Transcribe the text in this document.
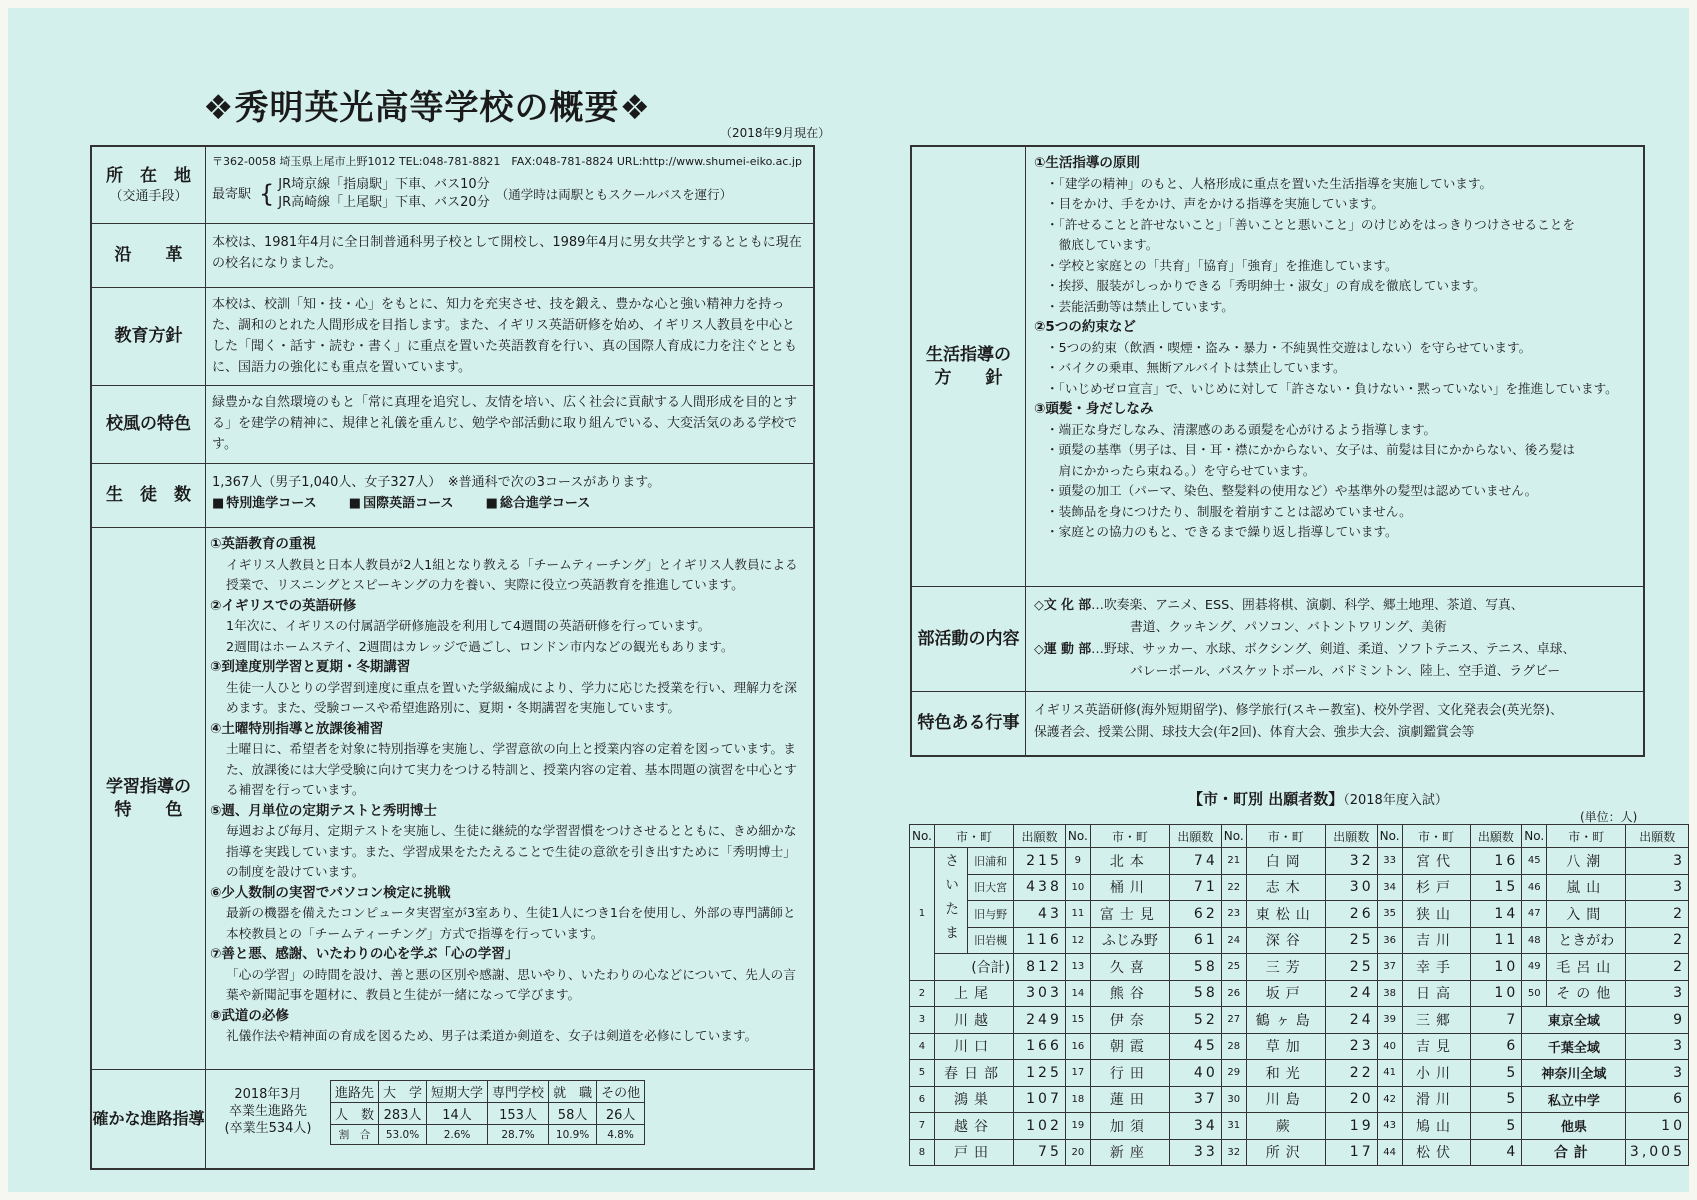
❖秀明英光高等学校の概要❖
（2018年9月現在）
所　在　地
（交通手段）
〒362-0058 埼玉県上尾市上野1012 TEL:048-781-8821　FAX:048-781-8824 URL:http://www.shumei-eiko.ac.jp
最寄駅 { JR埼京線「指扇駅」下車、バス10分
JR高崎線「上尾駅」下車、バス20分
（通学時は両駅ともスクールバスを運行）
沿　　革
本校は、1981年4月に全日制普通科男子校として開校し、1989年4月に男女共学とするとともに現在の校名になりました。
教育方針
本校は、校訓「知・技・心」をもとに、知力を充実させ、技を鍛え、豊かな心と強い精神力を持った、調和のとれた人間形成を目指します。また、イギリス英語研修を始め、イギリス人教員を中心とした「聞く・話す・読む・書く」に重点を置いた英語教育を行い、真の国際人育成に力を注ぐとともに、国語力の強化にも重点を置いています。
校風の特色
緑豊かな自然環境のもと「常に真理を追究し、友情を培い、広く社会に貢献する人間形成を目的とする」を建学の精神に、規律と礼儀を重んじ、勉学や部活動に取り組んでいる、大変活気のある学校です。
生　徒　数
1,367人（男子1,040人、女子327人）　 ※普通科で次の3コースがあります。
■ 特別進学コース	■ 国際英語コース	■ 総合進学コース
学習指導の
特　　色
①英語教育の重視
イギリス人教員と日本人教員が2人1組となり教える「チームティーチング」とイギリス人教員による授業で、リスニングとスピーキングの力を養い、実際に役立つ英語教育を推進しています。
②イギリスでの英語研修
1年次に、イギリスの付属語学研修施設を利用して4週間の英語研修を行っています。
2週間はホームステイ、2週間はカレッジで過ごし、ロンドン市内などの観光もあります。
③到達度別学習と夏期・冬期講習
生徒一人ひとりの学習到達度に重点を置いた学級編成により、学力に応じた授業を行い、理解力を深めます。また、受験コースや希望進路別に、夏期・冬期講習を実施しています。
④土曜特別指導と放課後補習
土曜日に、希望者を対象に特別指導を実施し、学習意欲の向上と授業内容の定着を図っています。また、放課後には大学受験に向けて実力をつける特訓と、授業内容の定着、基本問題の演習を中心とする補習を行っています。
⑤週、月単位の定期テストと秀明博士
毎週および毎月、定期テストを実施し、生徒に継続的な学習習慣をつけさせるとともに、きめ細かな指導を実践しています。また、学習成果をたたえることで生徒の意欲を引き出すために「秀明博士」の制度を設けています。
⑥少人数制の実習でパソコン検定に挑戦
最新の機器を備えたコンピュータ実習室が3室あり、生徒1人につき1台を使用し、外部の専門講師と本校教員との「チームティーチング」方式で指導を行っています。
⑦善と悪、感謝、いたわりの心を学ぶ「心の学習」
「心の学習」の時間を設け、善と悪の区別や感謝、思いやり、いたわりの心などについて、先人の言葉や新聞記事を題材に、教員と生徒が一緒になって学びます。
⑧武道の必修
礼儀作法や精神面の育成を図るため、男子は柔道か剣道を、女子は剣道を必修にしています。
確かな進路指導
2018年3月
卒業生進路先
(卒業生534人)
進路先	大　学	短期大学	専門学校	就　職	その他
人　数	283人	14人	153人	58人	26人
割　合	53.0%	2.6%	28.7%	10.9%	4.8%
生活指導の
方　　針
①生活指導の原則
・「建学の精神」のもと、人格形成に重点を置いた生活指導を実施しています。
・目をかけ、手をかけ、声をかける指導を実施しています。
・「許せることと許せないこと」「善いことと悪いこと」のけじめをはっきりつけさせることを
　徹底しています。
・学校と家庭との「共育」「協育」「強育」を推進しています。
・挨拶、服装がしっかりできる「秀明紳士・淑女」の育成を徹底しています。
・芸能活動等は禁止しています。
②5つの約束など
・5つの約束（飲酒・喫煙・盗み・暴力・不純異性交遊はしない）を守らせています。
・バイクの乗車、無断アルバイトは禁止しています。
・「いじめゼロ宣言」で、いじめに対して「許さない・負けない・黙っていない」を推進しています。
③頭髪・身だしなみ
・端正な身だしなみ、清潔感のある頭髪を心がけるよう指導します。
・頭髪の基準（男子は、目・耳・襟にかからない、女子は、前髪は目にかからない、後ろ髪は
　肩にかかったら束ねる。）を守らせています。
・頭髪の加工（パーマ、染色、整髪料の使用など）や基準外の髪型は認めていません。
・装飾品を身につけたり、制服を着崩すことは認めていません。
・家庭との協力のもと、できるまで繰り返し指導しています。
部活動の内容
◇文 化 部…吹奏楽、アニメ、ESS、囲碁将棋、演劇、科学、郷土地理、茶道、写真、
書道、クッキング、パソコン、バトントワリング、美術
◇運 動 部…野球、サッカー、水球、ボクシング、剣道、柔道、ソフトテニス、テニス、卓球、
バレーボール、バスケットボール、バドミントン、陸上、空手道、ラグビー
特色ある行事
イギリス英語研修(海外短期留学)、修学旅行(スキー教室)、校外学習、文化発表会(英光祭)、
保護者会、授業公開、球技大会(年2回)、体育大会、強歩大会、演劇鑑賞会等
【市・町別 出願者数】（2018年度入試）
(単位：人)
No.	市・町		出願数	No.	市・町	出願数	No.	市・町	出願数	No.	市・町	出願数	No.	市・町	出願数
1	さいたま	旧浦和	215	9	北本	74	21	白岡	32	33	宮代	16	45	八潮	3
		旧大宮	438	10	桶川	71	22	志木	30	34	杉戸	15	46	嵐山	3
		旧与野	43	11	富士見	62	23	東松山	26	35	狭山	14	47	入間	2
		旧岩槻	116	12	ふじみ野	61	24	深谷	25	36	吉川	11	48	ときがわ	2
	(合計)		812	13	久喜	58	25	三芳	25	37	幸手	10	49	毛呂山	2
2	上尾		303	14	熊谷	58	26	坂戸	24	38	日高	10	50	その他	3
3	川越		249	15	伊奈	52	27	鶴ヶ島	24	39	三郷	7	東京全域		9
4	川口		166	16	朝霞	45	28	草加	23	40	吉見	6	千葉全域		3
5	春日部		125	17	行田	40	29	和光	22	41	小川	5	神奈川全域		3
6	鴻巣		107	18	蓮田	37	30	川島	20	42	滑川	5	私立中学		6
7	越谷		102	19	加須	34	31	蕨	19	43	鳩山	5	他県		10
8	戸田		75	20	新座	33	32	所沢	17	44	松伏	4	合計		3,005
